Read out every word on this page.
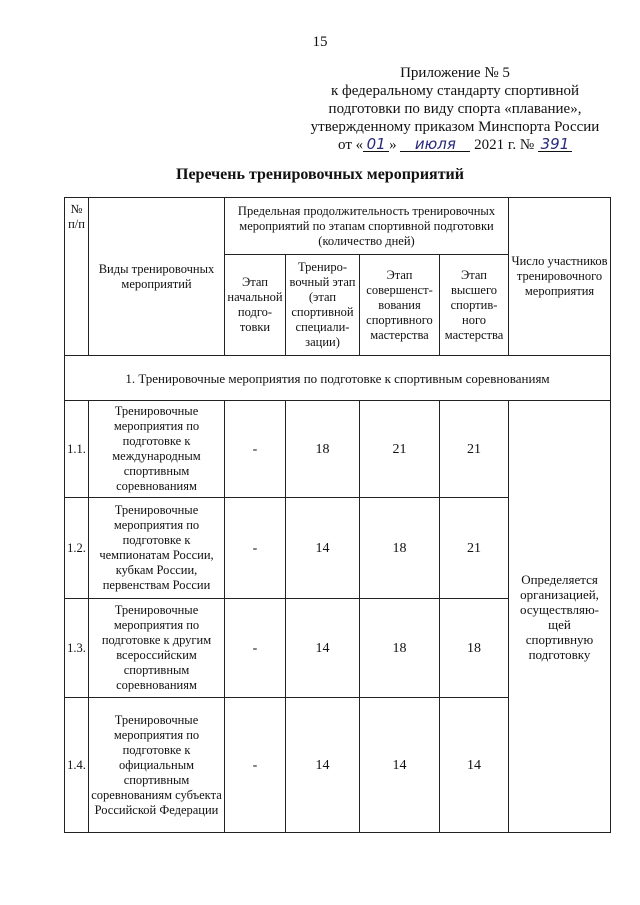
15
Приложение № 5
к федеральному стандарту спортивной
подготовки по виду спорта «плавание»,
утвержденному приказом Минспорта России
от « 01 » июля 2021 г. № 391
Перечень тренировочных мероприятий
№ п/п	Виды тренировочных мероприятий	Предельная продолжительность тренировочных мероприятий по этапам спортивной подготовки (количество дней)				Число участников тренировочного мероприятия
		Этап начальной подго-товки	Трениро-вочный этап (этап спортивной специали-зации)	Этап совершенст-вования спортивного мастерства	Этап высшего спортив-ного мастерства	
1. Тренировочные мероприятия по подготовке к спортивным соревнованиям						
1.1.	Тренировочные мероприятия по подготовке к международным спортивным соревнованиям	-	18	21	21	Определяется организацией, осуществляю-щей спортивную подготовку
1.2.	Тренировочные мероприятия по подготовке к чемпионатам России, кубкам России, первенствам России	-	14	18	21	
1.3.	Тренировочные мероприятия по подготовке к другим всероссийским спортивным соревнованиям	-	14	18	18	
1.4.	Тренировочные мероприятия по подготовке к официальным спортивным соревнованиям субъекта Российской Федерации	-	14	14	14	
